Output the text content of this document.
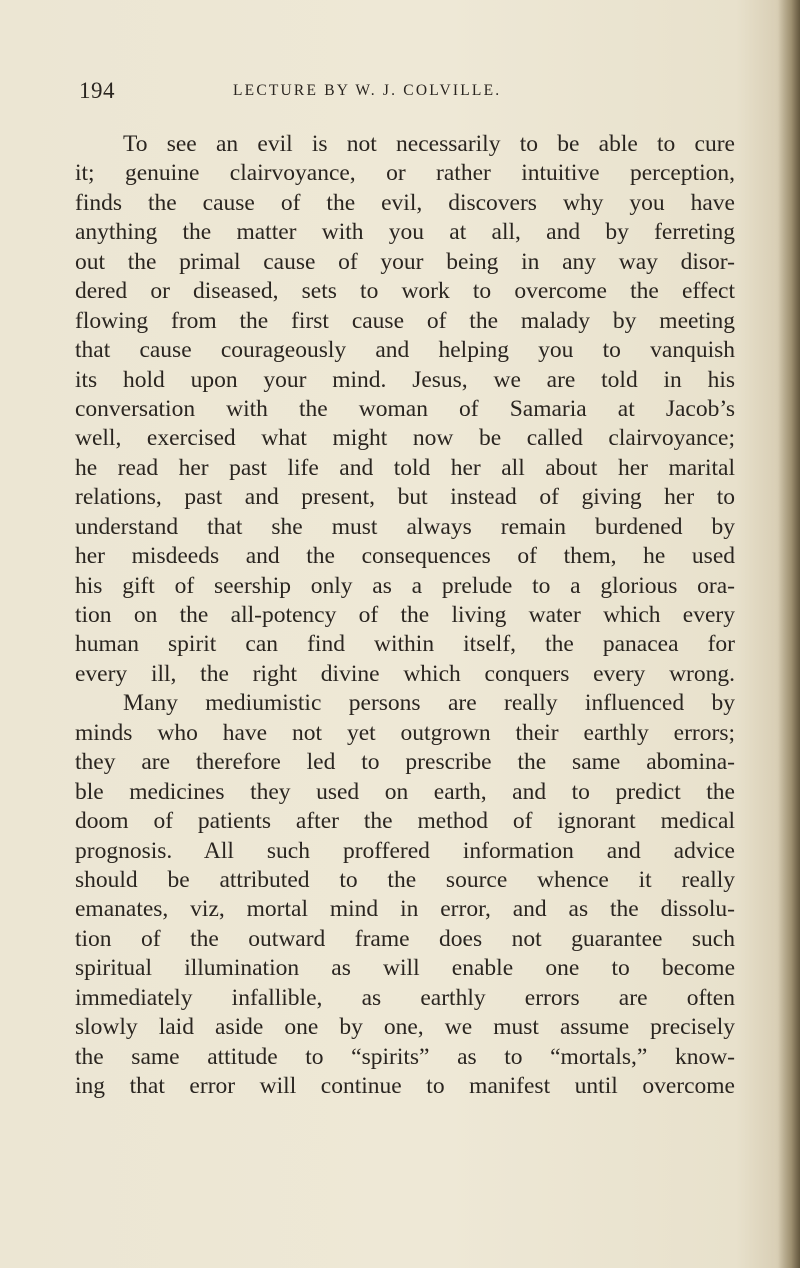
194	LECTURE BY W. J. COLVILLE.
To see an evil is not necessarily to be able to cure
it; genuine clairvoyance, or rather intuitive perception,
finds the cause of the evil, discovers why you have
anything the matter with you at all, and by ferreting
out the primal cause of your being in any way disor-
dered or diseased, sets to work to overcome the effect
flowing from the first cause of the malady by meeting
that cause courageously and helping you to vanquish
its hold upon your mind. Jesus, we are told in his
conversation with the woman of Samaria at Jacob’s
well, exercised what might now be called clairvoyance;
he read her past life and told her all about her marital
relations, past and present, but instead of giving her to
understand that she must always remain burdened by
her misdeeds and the consequences of them, he used
his gift of seership only as a prelude to a glorious ora-
tion on the all-potency of the living water which every
human spirit can find within itself, the panacea for
every ill, the right divine which conquers every wrong.
Many mediumistic persons are really influenced by
minds who have not yet outgrown their earthly errors;
they are therefore led to prescribe the same abomina-
ble medicines they used on earth, and to predict the
doom of patients after the method of ignorant medical
prognosis. All such proffered information and advice
should be attributed to the source whence it really
emanates, viz, mortal mind in error, and as the dissolu-
tion of the outward frame does not guarantee such
spiritual illumination as will enable one to become
immediately infallible, as earthly errors are often
slowly laid aside one by one, we must assume precisely
the same attitude to “spirits” as to “mortals,” know-
ing that error will continue to manifest until overcome
